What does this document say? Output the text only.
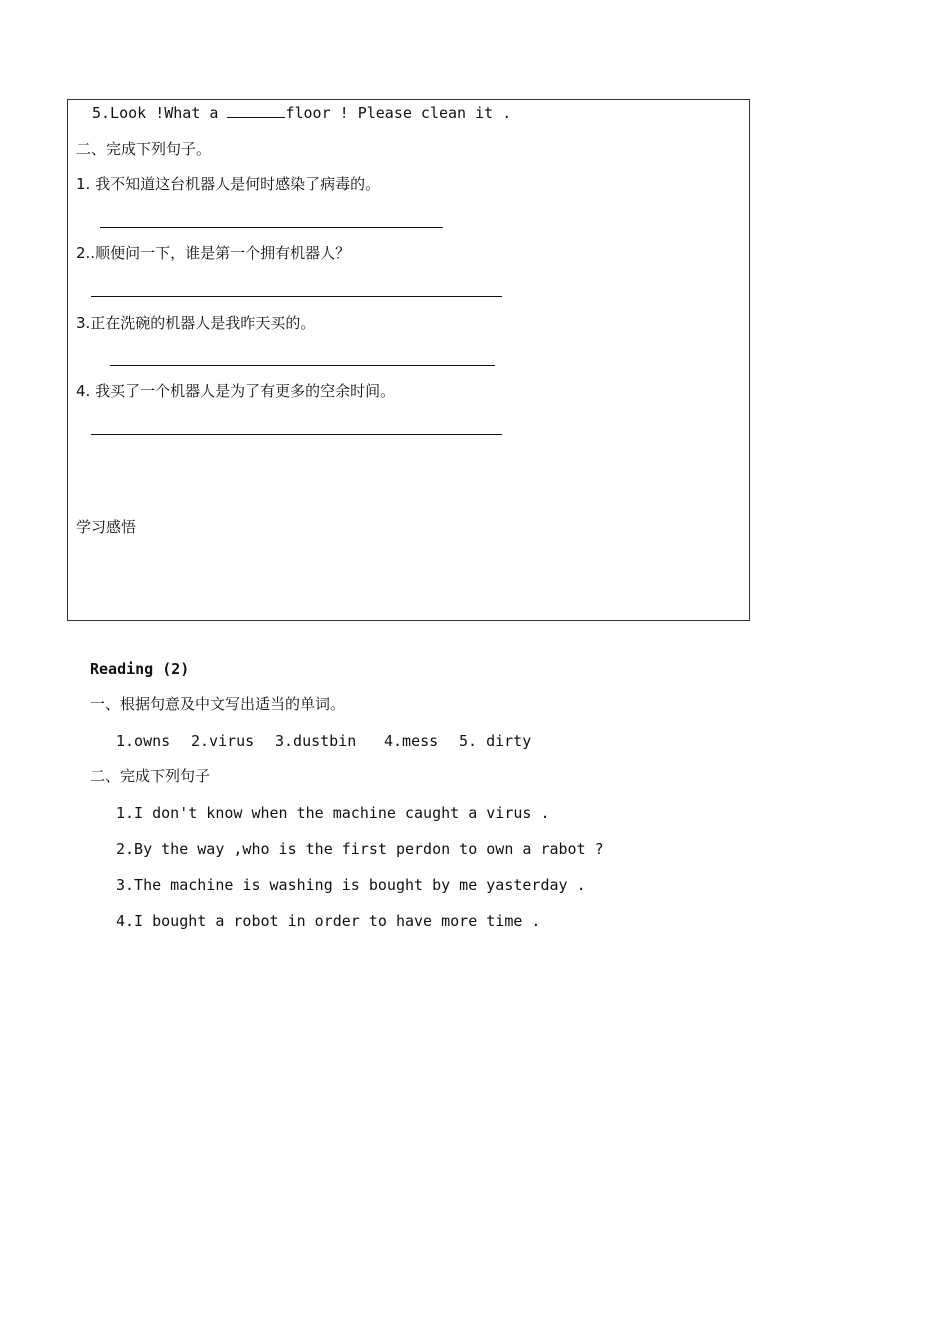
5.Look !What a	floor ! Please clean it .
二、完成下列句子。
1. 我不知道这台机器人是何时感染了病毒的。
2..顺便问一下，谁是第一个拥有机器人？
3.正在洗碗的机器人是我昨天买的。
4. 我买了一个机器人是为了有更多的空余时间。
学习感悟
Reading (2)
一、根据句意及中文写出适当的单词。
1.owns 2.virus 3.dustbin 4.mess 5. dirty
二、完成下列句子
1.I don't know when the machine caught a virus .
2.By the way ,who is the first perdon to own a rabot ?
3.The machine is washing is bought by me yasterday .
4.I bought a robot in order to have more time .
